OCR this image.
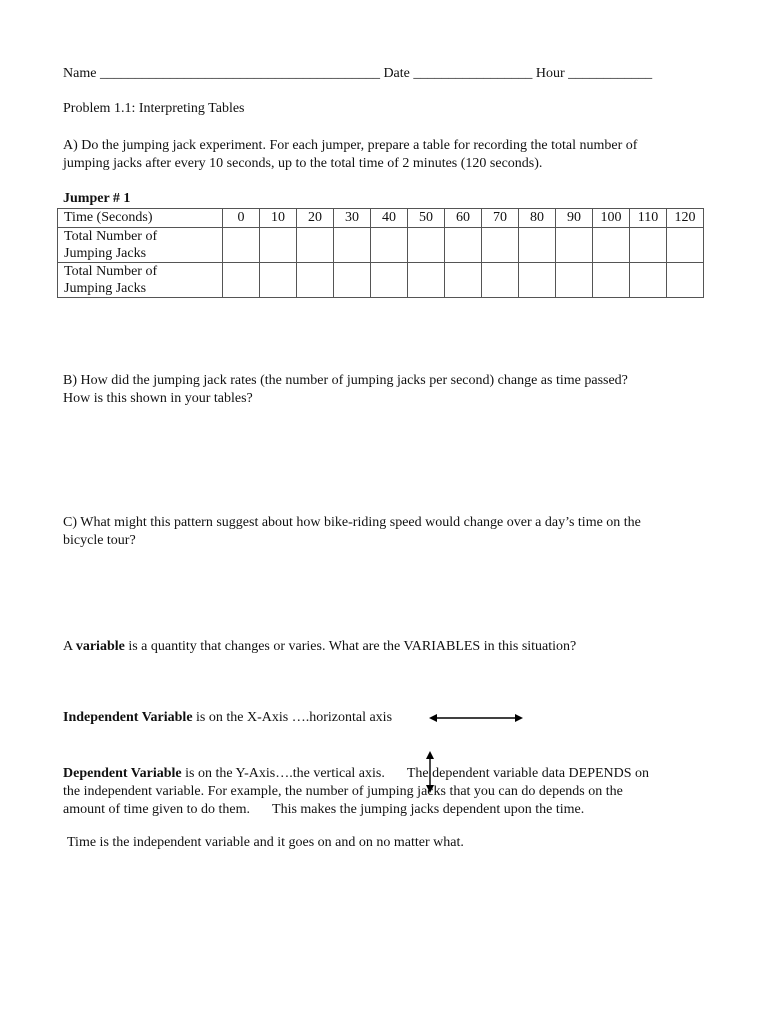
Name ________________________________________ Date _________________ Hour ____________
Problem 1.1: Interpreting Tables
A) Do the jumping jack experiment. For each jumper, prepare a table for recording the total number of
jumping jacks after every 10 seconds, up to the total time of 2 minutes (120 seconds).
Jumper # 1
Time (Seconds)	0	10	20	30	40	50	60	70	80	90	100	110	120

Total Number of
Jumping Jacks													

Total Number of
Jumping Jacks													

B) How did the jumping jack rates (the number of jumping jacks per second) change as time passed?
How is this shown in your tables?
C) What might this pattern suggest about how bike-riding speed would change over a day’s time on the
bicycle tour?
A variable is a quantity that changes or varies. What are the VARIABLES in this situation?
Independent Variable is on the X-Axis ….horizontal axis
Dependent Variable is on the Y-Axis….the vertical axis. The dependent variable data DEPENDS on
the independent variable. For example, the number of jumping jacks that you can do depends on the
amount of time given to do them. This makes the jumping jacks dependent upon the time.
Time is the independent variable and it goes on and on no matter what.
